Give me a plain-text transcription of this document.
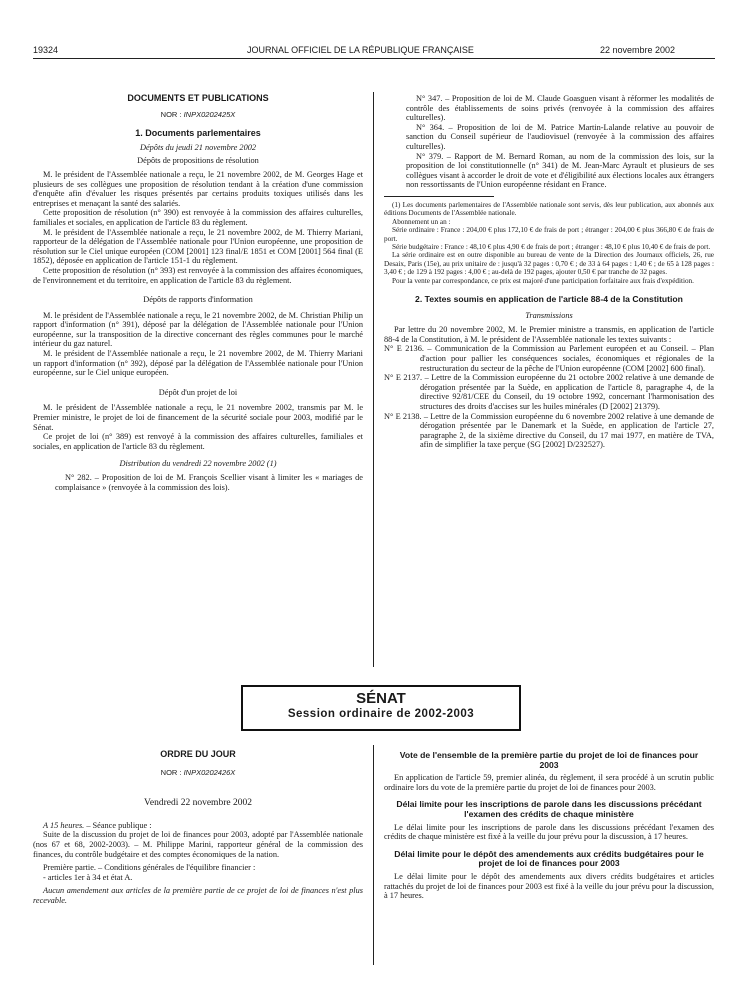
19324	JOURNAL OFFICIEL DE LA RÉPUBLIQUE FRANÇAISE	22 novembre 2002
DOCUMENTS ET PUBLICATIONS
NOR : INPX0202425X
1. Documents parlementaires
Dépôts du jeudi 21 novembre 2002
Dépôts de propositions de résolution

M. le président de l'Assemblée nationale a reçu, le 21 novembre 2002, de M. Georges Hage et plusieurs de ses collègues une proposition de résolution tendant à la création d'une commission d'enquête afin d'évaluer les risques présentés par certains produits toxiques utilisés dans les entreprises et menaçant la santé des salariés.

Cette proposition de résolution (n° 390) est renvoyée à la commission des affaires culturelles, familiales et sociales, en application de l'article 83 du règlement.

M. le président de l'Assemblée nationale a reçu, le 21 novembre 2002, de M. Thierry Mariani, rapporteur de la délégation de l'Assemblée nationale pour l'Union européenne, une proposition de résolution sur le Ciel unique européen (COM [2001] 123 final/E 1851 et COM [2001] 564 final (E 1852), déposée en application de l'article 151-1 du règlement.

Cette proposition de résolution (n° 393) est renvoyée à la commission des affaires économiques, de l'environnement et du territoire, en application de l'article 83 du règlement.

Dépôts de rapports d'information

M. le président de l'Assemblée nationale a reçu, le 21 novembre 2002, de M. Christian Philip un rapport d'information (n° 391), déposé par la délégation de l'Assemblée nationale pour l'Union européenne, sur la transposition de la directive concernant des règles communes pour le marché intérieur du gaz naturel.

M. le président de l'Assemblée nationale a reçu, le 21 novembre 2002, de M. Thierry Mariani un rapport d'information (n° 392), déposé par la délégation de l'Assemblée nationale pour l'Union européenne, sur le Ciel unique européen.

Dépôt d'un projet de loi

M. le président de l'Assemblée nationale a reçu, le 21 novembre 2002, transmis par M. le Premier ministre, le projet de loi de financement de la sécurité sociale pour 2003, modifié par le Sénat.

Ce projet de loi (n° 389) est renvoyé à la commission des affaires culturelles, familiales et sociales, en application de l'article 83 du règlement.

Distribution du vendredi 22 novembre 2002 (1)

N° 282. – Proposition de loi de M. François Scellier visant à limiter les « mariages de complaisance » (renvoyée à la commission des lois).

N° 347. – Proposition de loi de M. Claude Goasguen visant à réformer les modalités de contrôle des établissements de soins privés (renvoyée à la commission des affaires culturelles).

N° 364. – Proposition de loi de M. Patrice Martin-Lalande relative au pouvoir de sanction du Conseil supérieur de l'audiovisuel (renvoyée à la commission des affaires culturelles).

N° 379. – Rapport de M. Bernard Roman, au nom de la commission des lois, sur la proposition de loi constitutionnelle (n° 341) de M. Jean-Marc Ayrault et plusieurs de ses collègues visant à accorder le droit de vote et d'éligibilité aux élections locales aux étrangers non ressortissants de l'Union européenne résidant en France.

(1) Les documents parlementaires de l'Assemblée nationale sont servis, dès leur publication, aux abonnés aux éditions Documents de l'Assemblée nationale.

Abonnement un an :

Série ordinaire : France : 204,00 € plus 172,10 € de frais de port ; étranger : 204,00 € plus 366,80 € de frais de port.

Série budgétaire : France : 48,10 € plus 4,90 € de frais de port ; étranger : 48,10 € plus 10,40 € de frais de port.

La série ordinaire est en outre disponible au bureau de vente de la Direction des Journaux officiels, 26, rue Desaix, Paris (15e), au prix unitaire de : jusqu'à 32 pages : 0,70 € ; de 33 à 64 pages : 1,40 € ; de 65 à 128 pages : 3,40 € ; de 129 à 192 pages : 4,00 € ; au-delà de 192 pages, ajouter 0,50 € par tranche de 32 pages.

Pour la vente par correspondance, ce prix est majoré d'une participation forfaitaire aux frais d'expédition.

2. Textes soumis en application de l'article 88-4 de la Constitution
Transmissions

Par lettre du 20 novembre 2002, M. le Premier ministre a transmis, en application de l'article 88-4 de la Constitution, à M. le président de l'Assemblée nationale les textes suivants :

N° E 2136. – Communication de la Commission au Parlement européen et au Conseil. – Plan d'action pour pallier les conséquences sociales, économiques et régionales de la restructuration du secteur de la pêche de l'Union européenne (COM [2002] 600 final).

N° E 2137. – Lettre de la Commission européenne du 21 octobre 2002 relative à une demande de dérogation présentée par la Suède, en application de l'article 8, paragraphe 4, de la directive 92/81/CEE du Conseil, du 19 octobre 1992, concernant l'harmonisation des structures des droits d'accises sur les huiles minérales (D [2002] 21379).

N° E 2138. – Lettre de la Commission européenne du 6 novembre 2002 relative à une demande de dérogation présentée par le Danemark et la Suède, en application de l'article 27, paragraphe 2, de la sixième directive du Conseil, du 17 mai 1977, en matière de TVA, afin de simplifier la taxe perçue (SG [2002] D/232527).

SÉNAT
Session ordinaire de 2002-2003
ORDRE DU JOUR
NOR : INPX0202426X
Vendredi 22 novembre 2002

A 15 heures. – Séance publique :

Suite de la discussion du projet de loi de finances pour 2003, adopté par l'Assemblée nationale (nos 67 et 68, 2002-2003). – M. Philippe Marini, rapporteur général de la commission des finances, du contrôle budgétaire et des comptes économiques de la nation.

Première partie. – Conditions générales de l'équilibre financier :

- articles 1er à 34 et état A.

Aucun amendement aux articles de la première partie de ce projet de loi de finances n'est plus recevable.

Vote de l'ensemble de la première partie du projet de loi de finances pour 2003

En application de l'article 59, premier alinéa, du règlement, il sera procédé à un scrutin public ordinaire lors du vote de la première partie du projet de loi de finances pour 2003.

Délai limite pour les inscriptions de parole dans les discussions précédant l'examen des crédits de chaque ministère

Le délai limite pour les inscriptions de parole dans les discussions précédant l'examen des crédits de chaque ministère est fixé à la veille du jour prévu pour la discussion, à 17 heures.

Délai limite pour le dépôt des amendements aux crédits budgétaires pour le projet de loi de finances pour 2003

Le délai limite pour le dépôt des amendements aux divers crédits budgétaires et articles rattachés du projet de loi de finances pour 2003 est fixé à la veille du jour prévu pour la discussion, à 17 heures.
